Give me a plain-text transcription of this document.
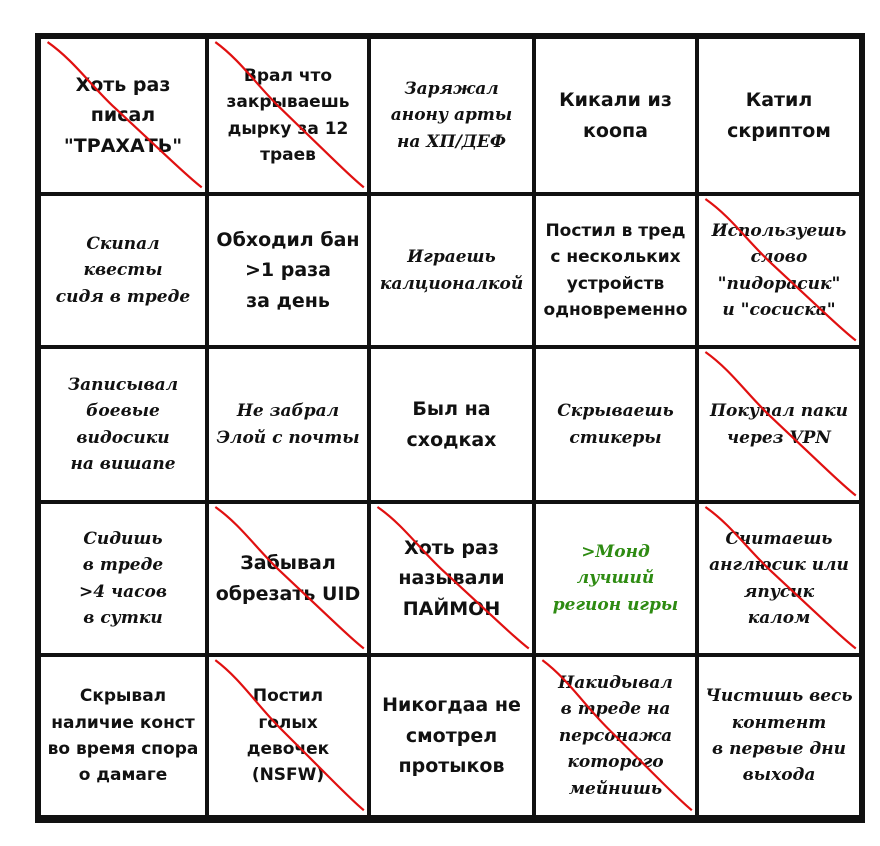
Хоть раз
писал
"ТРАХАТЬ"
Врал что
закрываешь
дырку за 12
траев
Заряжал
анону арты
на ХП/ДЕФ
Кикали из
коопа
Катил
скриптом
Скипал квесты
сидя в треде
Обходил бан
>1 раза
за день
Играешь
калционалкой
Постил в тред
с нескольких
устройств
одновременно
Используешь
слово
"пидорасик"
и "сосиска"
Записывал
боевые
видосики
на вишапе
Не забрал
Элой с почты
Был на
сходках
Скрываешь
стикеры
Покупал паки
через VPN
Сидишь
в треде
>4 часов
в сутки
Забывал
обрезать UID
Хоть раз
называли
ПАЙМОН
>Монд лучший
регион игры
Считаешь
англюсик или
япусик
калом
Скрывал
наличие конст
во время спора
о дамаге
Постил
голых
девочек
(NSFW)
Никогдаа не
смотрел
протыков
Накидывал
в треде на
персонажа
которого
мейнишь
Чистишь весь
контент
в первые дни
выхода
